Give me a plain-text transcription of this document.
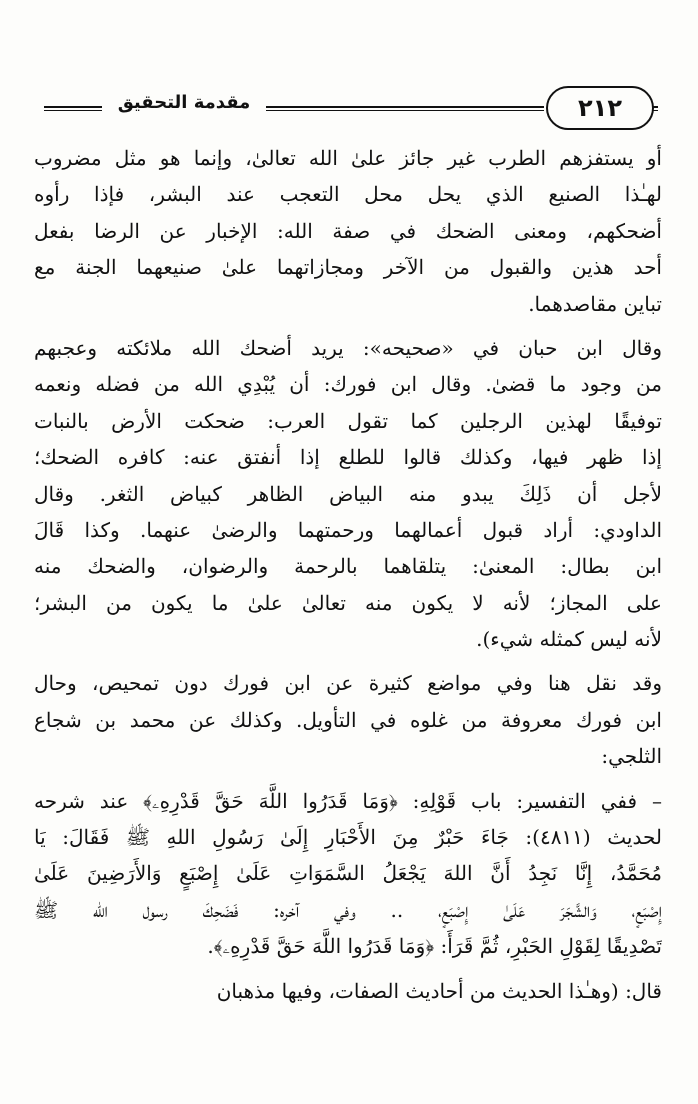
مقدمة التحقيق	٢١٢
أو يستفزهم الطرب غير جائز علىٰ الله تعالىٰ، وإنما هو مثل مضروب
لهـٰذا الصنيع الذي يحل محل التعجب عند البشر، فإذا رأوه
أضحكهم، ومعنى الضحك في صفة الله: الإخبار عن الرضا بفعل
أحد هذين والقبول من الآخر ومجازاتهما علىٰ صنيعهما الجنة مع
تباين مقاصدهما.
وقال ابن حبان في «صحيحه»: يريد أضحك الله ملائكته وعجبهم
من وجود ما قضىٰ. وقال ابن فورك: أن يُبْدِي الله من فضله ونعمه
توفيقًا لهذين الرجلين كما تقول العرب: ضحكت الأرض بالنبات
إذا ظهر فيها، وكذلك قالوا للطلع إذا أنفتق عنه: كافره الضحك؛
لأجل أن ذَلِكَ يبدو منه البياض الظاهر كبياض الثغر. وقال
الداودي: أراد قبول أعمالهما ورحمتهما والرضىٰ عنهما. وكذا قَالَ
ابن بطال: المعنىٰ: يتلقاهما بالرحمة والرضوان، والضحك منه
على المجاز؛ لأنه لا يكون منه تعالىٰ علىٰ ما يكون من البشر؛
لأنه ليس كمثله شيء).
وقد نقل هنا وفي مواضع كثيرة عن ابن فورك دون تمحيص، وحال
ابن فورك معروفة من غلوه في التأويل. وكذلك عن محمد بن شجاع
الثلجي:
– ففي التفسير: باب قَوْلِهِ: ﴿وَمَا قَدَرُوا اللَّهَ حَقَّ قَدْرِهِۦ﴾ عند شرحه
لحديث (٤٨١١): جَاءَ حَبْرٌ مِنَ الأَحْبَارِ إِلَىٰ رَسُولِ اللهِ ﷺ فَقَالَ: يَا
مُحَمَّدُ، إِنَّا نَجِدُ أَنَّ اللهَ يَجْعَلُ السَّمَوَاتِ عَلَىٰ إِصْبَعٍ وَالأَرَضِينَ عَلَىٰ
إِصْبَعٍ، وَالشَّجَرَ عَلَىٰ إِصْبَعٍ، .. وفي آخره: فَضَحِكَ رسول الله ﷺ
تَصْدِيقًا لِقَوْلِ الحَبْرِ، ثُمَّ قَرَأَ: ﴿وَمَا قَدَرُوا اللَّهَ حَقَّ قَدْرِهِۦ﴾.
قال: (وهـٰذا الحديث من أحاديث الصفات، وفيها مذهبان
